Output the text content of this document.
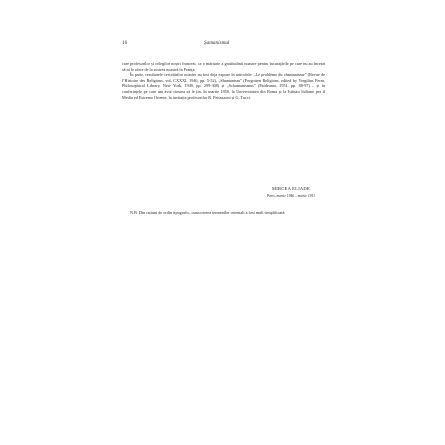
16	Șamanismul

care profesorilor și colegilor noștri francezi, ca o mărturie a gratitudinii noastre pentru încurajările pe care nu au încetat să ni le ofere de la sosirea noastră în Franța.

În parte, rezultatele cercetărilor noastre au fost deja expuse în articolele: „Le problème du chamanisme” (Revue de l’Histoire des Religions, vol. CXXXI, 1946, pp. 5-52), „Shamanism” (Forgotten Religions, edited by Vergilius Ferm, Philosophical Library, New York, 1949, pp. 299-308) și „Schamanismus” (Paideuma, 1951, pp. 88-97) – și în conferințele pe care am avut cinstea să le țin, în martie 1950, la Universitatea din Roma și la Istituto Italiano per il Medio ed Estremo Oriente, la invitația profesorilor R. Pettazzoni și G. Tucci.

MIRCEA ELIADE
Paris, martie 1946 – martie 1951
N.B. Din rațiuni de ordin tipografic, transcrierea termenilor orientali a fost mult simplificată.
